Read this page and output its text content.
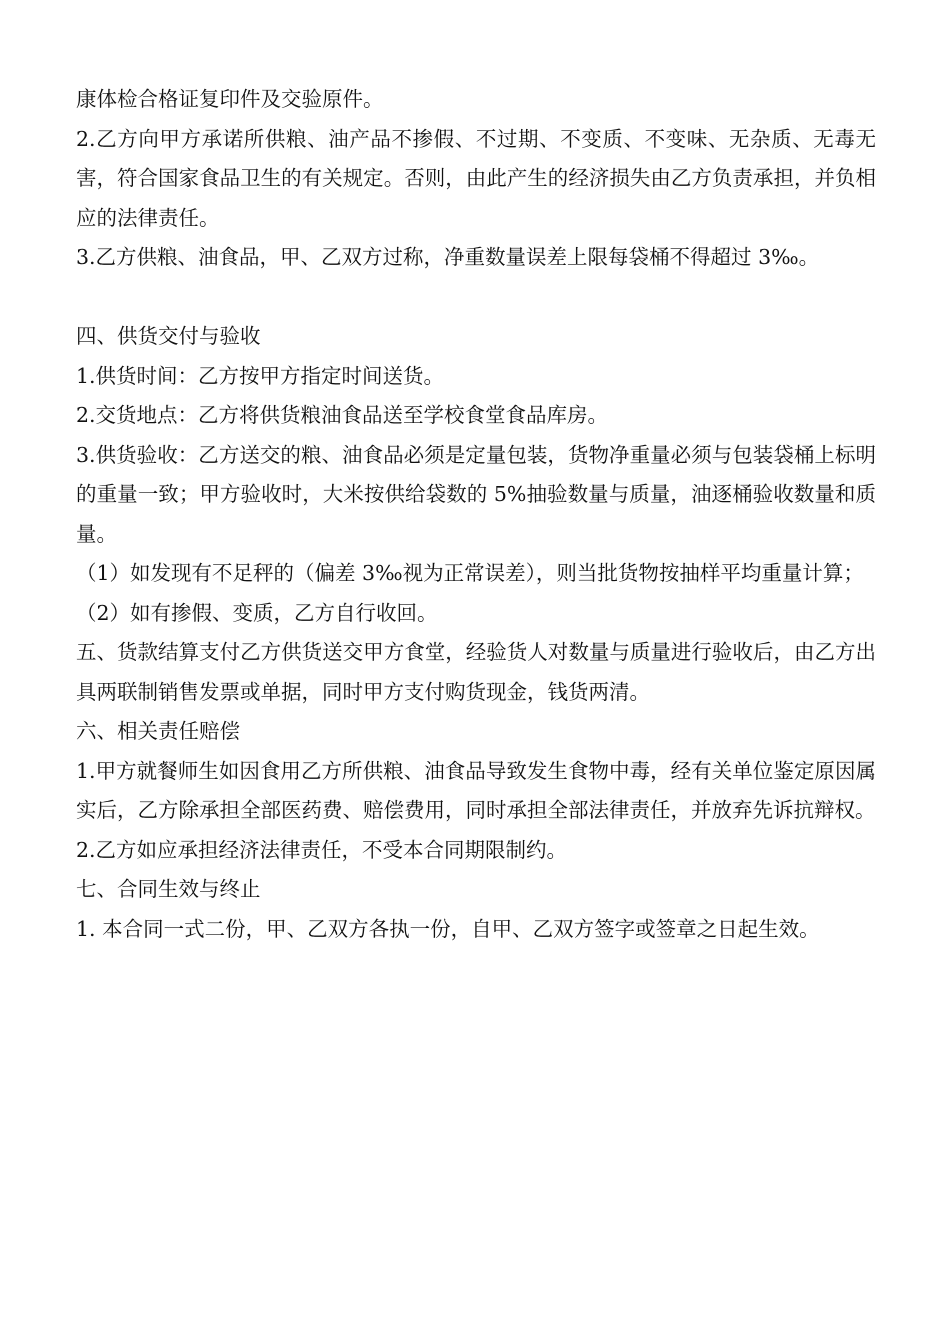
康体检合格证复印件及交验原件。

2.乙方向甲方承诺所供粮、油产品不掺假、不过期、不变质、不变味、无杂质、无毒无害，符合国家食品卫生的有关规定。否则，由此产生的经济损失由乙方负责承担，并负相应的法律责任。

3.乙方供粮、油食品，甲、乙双方过称，净重数量误差上限每袋桶不得超过 3‰。

四、供货交付与验收

1.供货时间：乙方按甲方指定时间送货。

2.交货地点：乙方将供货粮油食品送至学校食堂食品库房。

3.供货验收：乙方送交的粮、油食品必须是定量包装，货物净重量必须与包装袋桶上标明的重量一致；甲方验收时，大米按供给袋数的 5%抽验数量与质量，油逐桶验收数量和质量。

（1）如发现有不足秤的（偏差 3‰视为正常误差），则当批货物按抽样平均重量计算；

（2）如有掺假、变质，乙方自行收回。

五、货款结算支付乙方供货送交甲方食堂，经验货人对数量与质量进行验收后，由乙方出具两联制销售发票或单据，同时甲方支付购货现金，钱货两清。

六、相关责任赔偿

1.甲方就餐师生如因食用乙方所供粮、油食品导致发生食物中毒，经有关单位鉴定原因属实后，乙方除承担全部医药费、赔偿费用，同时承担全部法律责任，并放弃先诉抗辩权。

2.乙方如应承担经济法律责任，不受本合同期限制约。

七、合同生效与终止

1. 本合同一式二份，甲、乙双方各执一份，自甲、乙双方签字或签章之日起生效。
